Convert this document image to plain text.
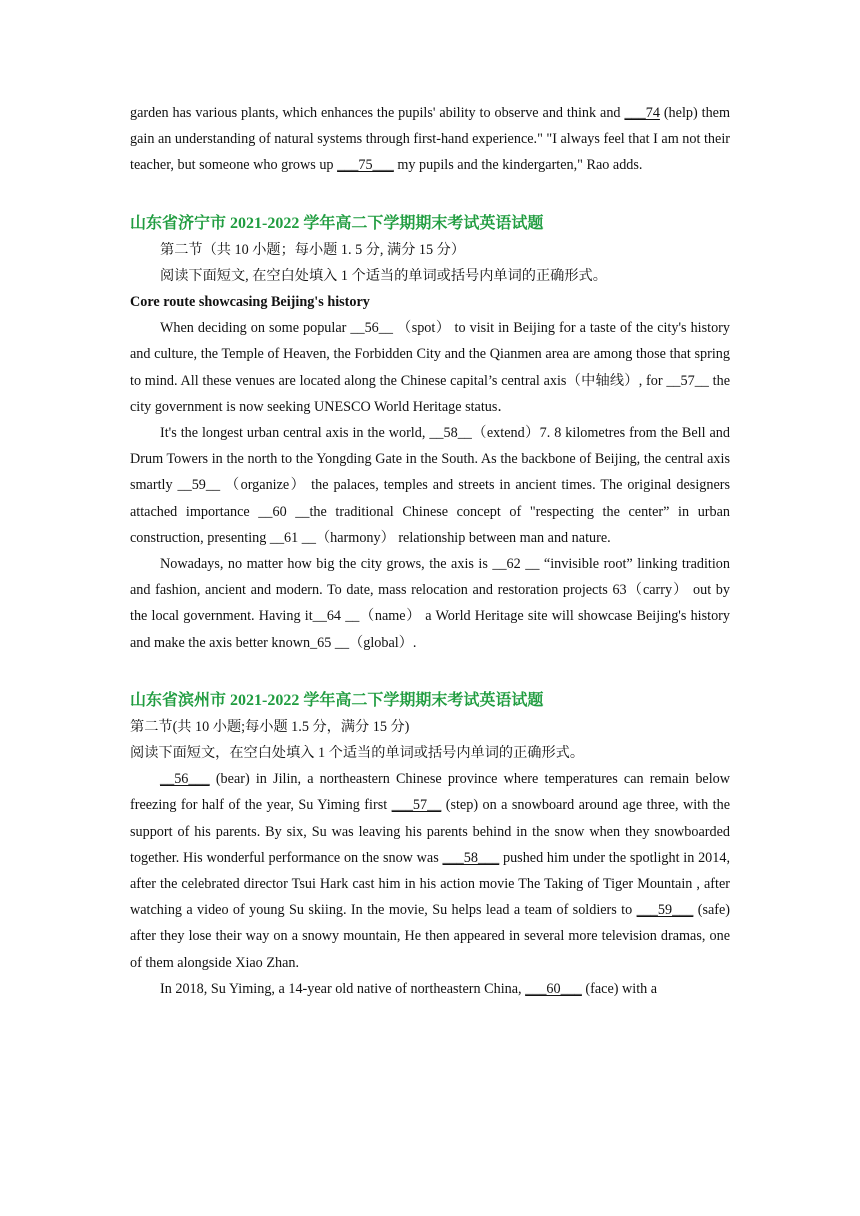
garden has various plants, which enhances the pupils' ability to observe and think and ___74 (help) them gain an understanding of natural systems through first-hand experience." "I always feel that I am not their teacher, but someone who grows up ___75___ my pupils and the kindergarten," Rao adds.

山东省济宁市 2021-2022 学年高二下学期期末考试英语试题

第二节（共 10 小题；每小题 1. 5 分, 满分 15 分）

阅读下面短文, 在空白处填入 1 个适当的单词或括号内单词的正确形式。

Core route showcasing Beijing's history

When deciding on some popular __56__ （spot） to visit in Beijing for a taste of the city's history and culture, the Temple of Heaven, the Forbidden City and the Qianmen area are among those that spring to mind. All these venues are located along the Chinese capital’s central axis（中轴线）, for __57__ the city government is now seeking UNESCO World Heritage status．

It's the longest urban central axis in the world, __58__（extend）7. 8 kilometres from the Bell and Drum Towers in the north to the Yongding Gate in the South. As the backbone of Beijing, the central axis smartly __59__ （organize） the palaces, temples and streets in ancient times. The original designers attached importance __60 __the traditional Chinese concept of "respecting the center” in urban construction, presenting __61 __（harmony） relationship between man and nature.

Nowadays, no matter how big the city grows, the axis is __62 __ “invisible root” linking tradition and fashion, ancient and modern. To date, mass relocation and restoration projects 63（carry） out by the local government. Having it__64 __（name） a World Heritage site will showcase Beijing's history and make the axis better known_65 __（global）.

山东省滨州市 2021-2022 学年高二下学期期末考试英语试题

第二节(共 10 小题;每小题 1.5 分，满分 15 分)

阅读下面短文，在空白处填入 1 个适当的单词或括号内单词的正确形式。

__56___ (bear) in Jilin, a northeastern Chinese province where temperatures can remain below freezing for half of the year, Su Yiming first ___57__ (step) on a snowboard around age three, with the support of his parents. By six, Su was leaving his parents behind in the snow when they snowboarded together. His wonderful performance on the snow was ___58___ pushed him under the spotlight in 2014, after the celebrated director Tsui Hark cast him in his action movie The Taking of Tiger Mountain , after watching a video of young Su skiing. In the movie, Su helps lead a team of soldiers to ___59___ (safe) after they lose their way on a snowy mountain, He then appeared in several more television dramas, one of them alongside Xiao Zhan.

In 2018, Su Yiming, a 14-year old native of northeastern China, ___60___ (face) with a
